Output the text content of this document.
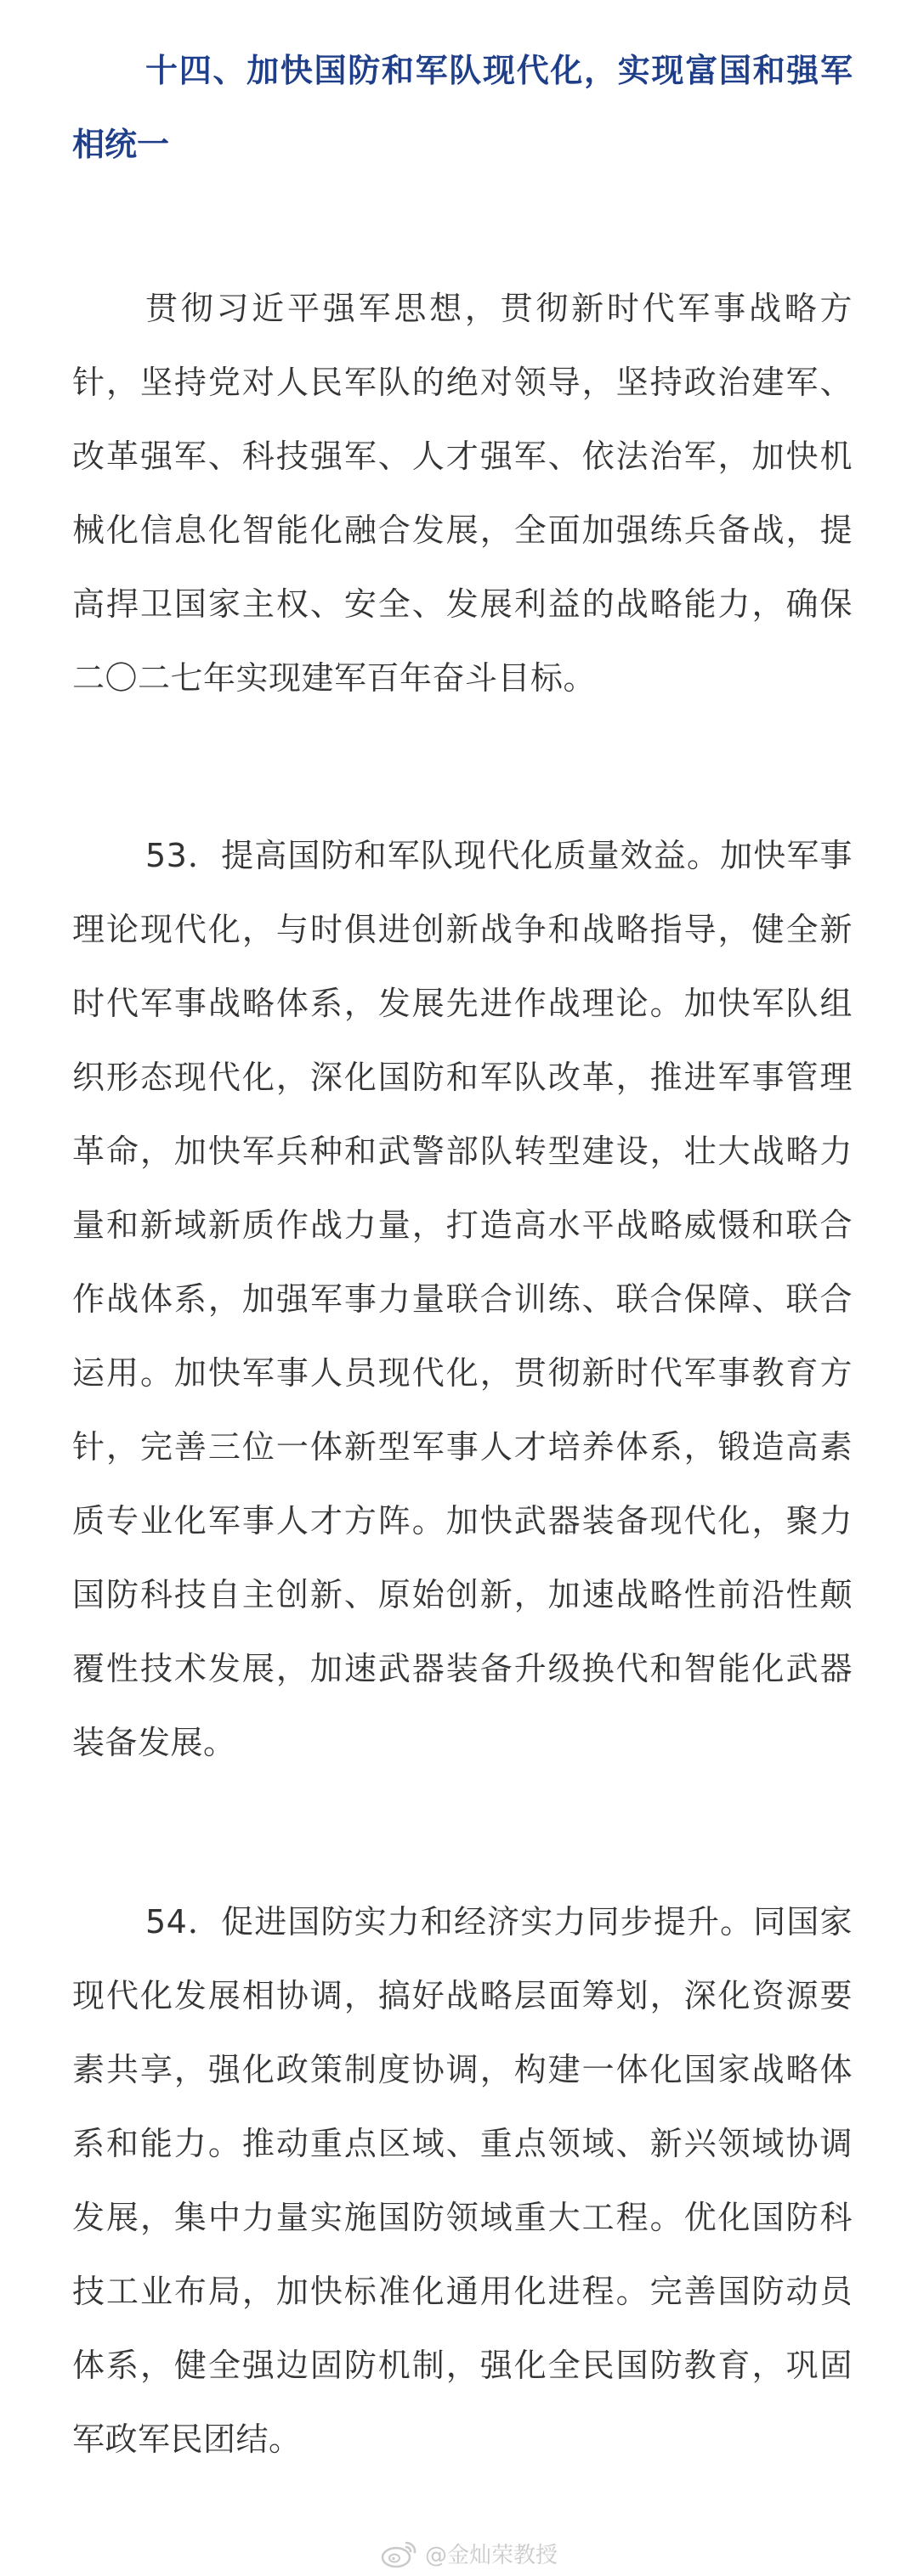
十四、加快国防和军队现代化，实现富国和强军相统一

贯彻习近平强军思想，贯彻新时代军事战略方针，坚持党对人民军队的绝对领导，坚持政治建军、改革强军、科技强军、人才强军、依法治军，加快机械化信息化智能化融合发展，全面加强练兵备战，提高捍卫国家主权、安全、发展利益的战略能力，确保二〇二七年实现建军百年奋斗目标。

53．提高国防和军队现代化质量效益。加快军事理论现代化，与时俱进创新战争和战略指导，健全新时代军事战略体系，发展先进作战理论。加快军队组织形态现代化，深化国防和军队改革，推进军事管理革命，加快军兵种和武警部队转型建设，壮大战略力量和新域新质作战力量，打造高水平战略威慑和联合作战体系，加强军事力量联合训练、联合保障、联合运用。加快军事人员现代化，贯彻新时代军事教育方针，完善三位一体新型军事人才培养体系，锻造高素质专业化军事人才方阵。加快武器装备现代化，聚力国防科技自主创新、原始创新，加速战略性前沿性颠覆性技术发展，加速武器装备升级换代和智能化武器装备发展。

54．促进国防实力和经济实力同步提升。同国家现代化发展相协调，搞好战略层面筹划，深化资源要素共享，强化政策制度协调，构建一体化国家战略体系和能力。推动重点区域、重点领域、新兴领域协调发展，集中力量实施国防领域重大工程。优化国防科技工业布局，加快标准化通用化进程。完善国防动员体系，健全强边固防机制，强化全民国防教育，巩固军政军民团结。

@金灿荣教授
